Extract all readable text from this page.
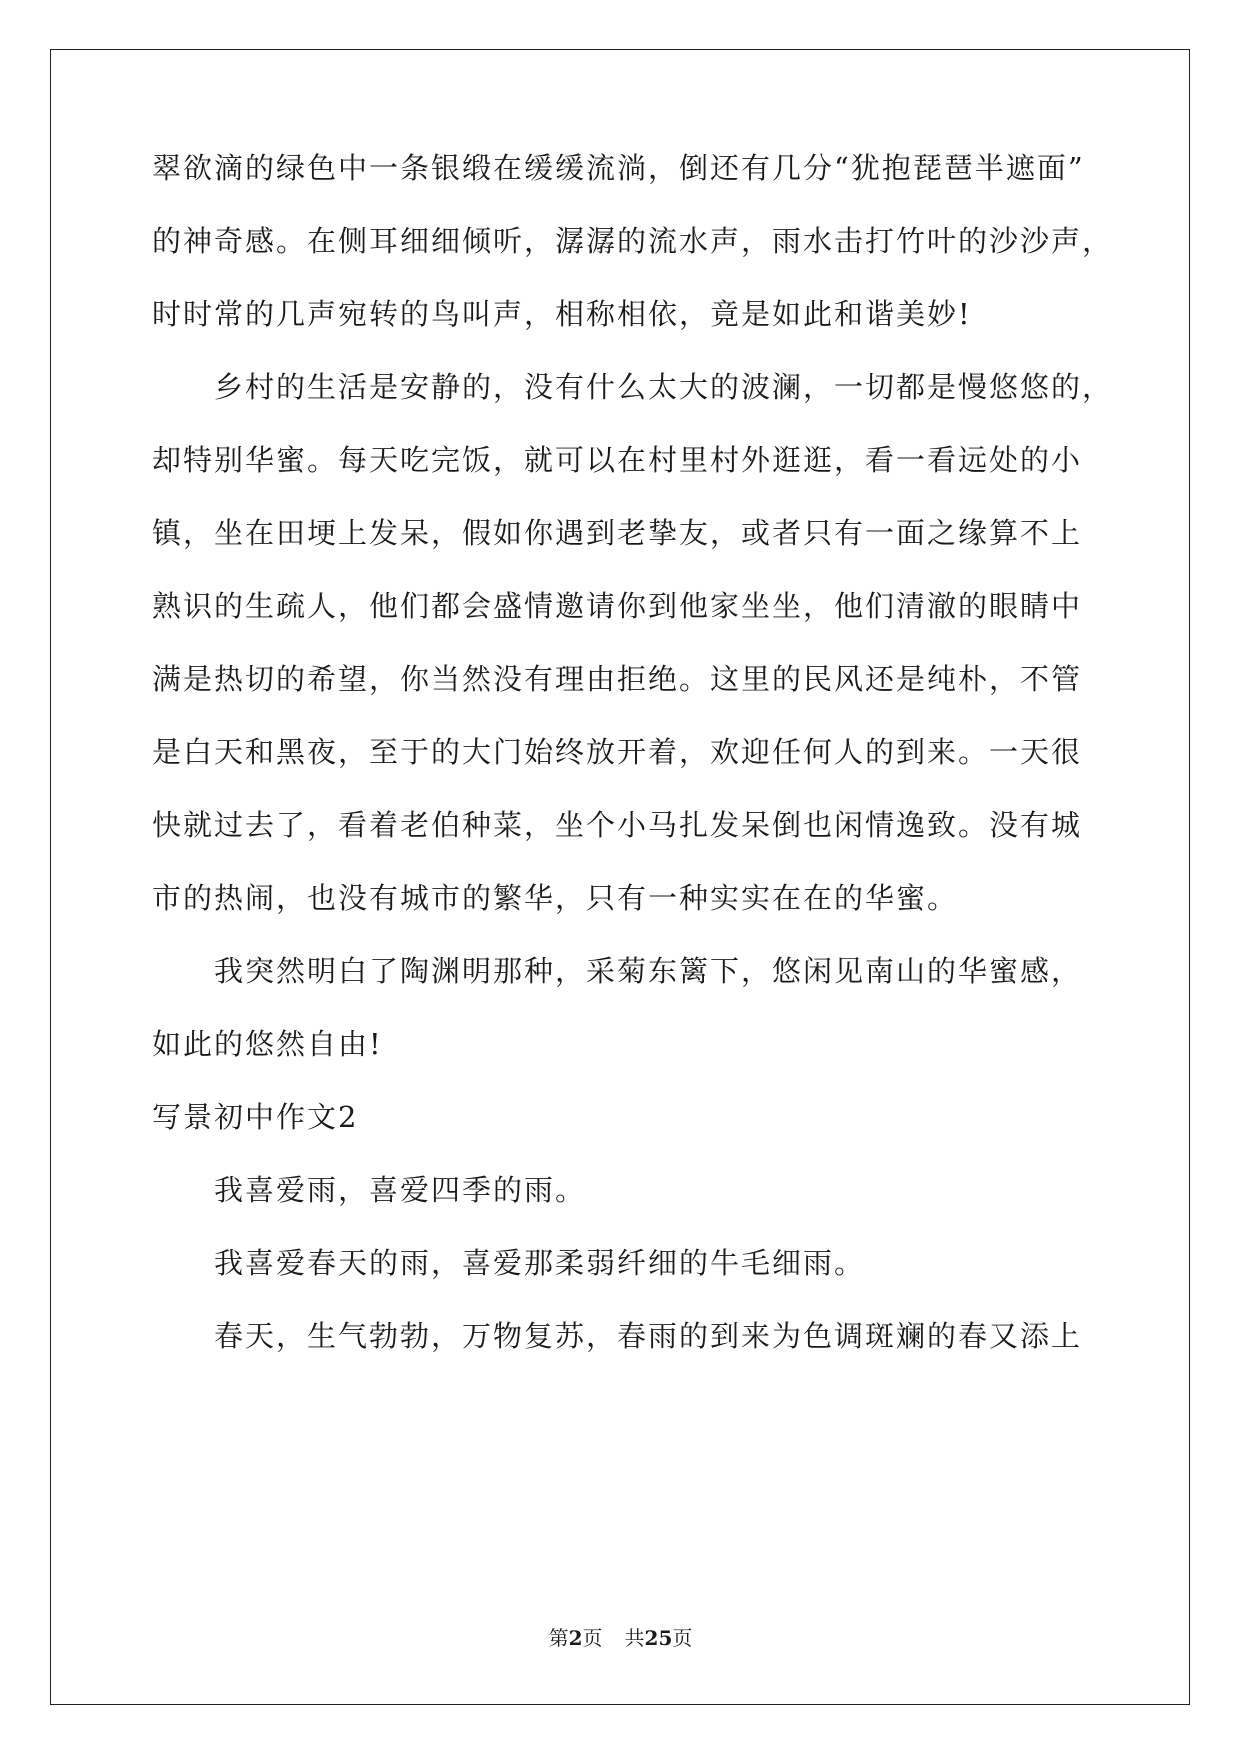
翠欲滴的绿色中一条银缎在缓缓流淌，倒还有几分“犹抱琵琶半遮面”

的神奇感。在侧耳细细倾听，潺潺的流水声，雨水击打竹叶的沙沙声，

时时常的几声宛转的鸟叫声，相称相依，竟是如此和谐美妙!

　　乡村的生活是安静的，没有什么太大的波澜，一切都是慢悠悠的，

却特别华蜜。每天吃完饭，就可以在村里村外逛逛，看一看远处的小

镇，坐在田埂上发呆，假如你遇到老挚友，或者只有一面之缘算不上

熟识的生疏人，他们都会盛情邀请你到他家坐坐，他们清澈的眼睛中

满是热切的希望，你当然没有理由拒绝。这里的民风还是纯朴，不管

是白天和黑夜，至于的大门始终放开着，欢迎任何人的到来。一天很

快就过去了，看着老伯种菜，坐个小马扎发呆倒也闲情逸致。没有城

市的热闹，也没有城市的繁华，只有一种实实在在的华蜜。

　　我突然明白了陶渊明那种，采菊东篱下，悠闲见南山的华蜜感，

如此的悠然自由!

写景初中作文2

　　我喜爱雨，喜爱四季的雨。

　　我喜爱春天的雨，喜爱那柔弱纤细的牛毛细雨。

　　春天，生气勃勃，万物复苏，春雨的到来为色调斑斓的春又添上

第2页 共25页
